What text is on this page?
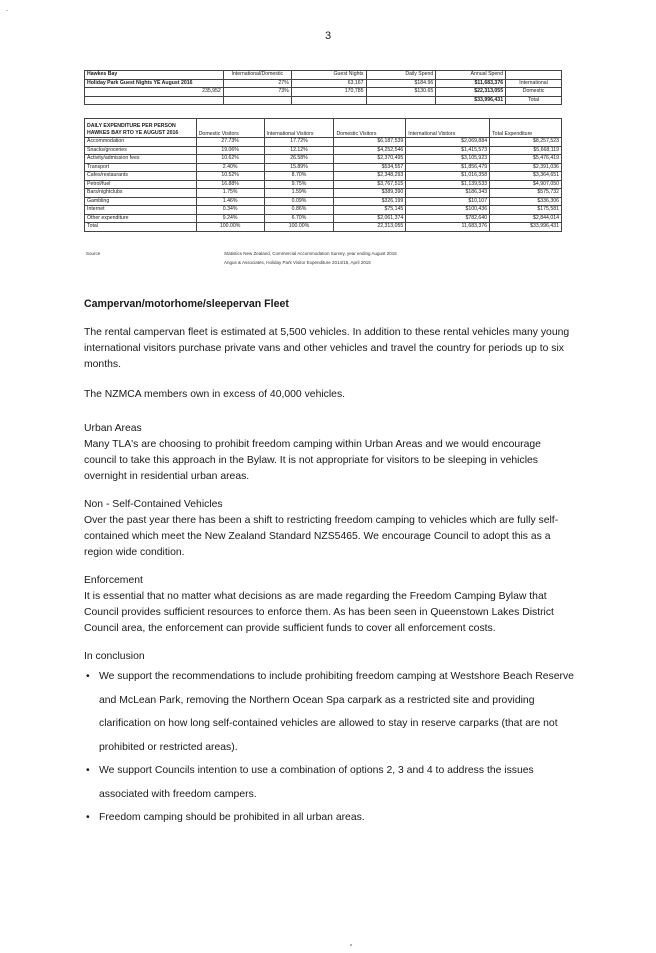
.
3
Hawkes Bay	International/Domestic	Guest Nights	Daily Spend	Annual Spend	
Holiday Park Guest Nights YE August 2016	27%	63,167	$184.96	$11,683,376	International
235,952	73%	170,785	$130.65	$22,313,055	Domestic
				$33,996,431	Total
DAILY EXPENDITURE PER PERSON HAWKES BAY RTO YE AUGUST 2016	Domestic Visitors	International Visitors	Domestic Visitors	International Visitors	Total Expenditure
Accommodation	27.73%	17.72%	$6,187,539	$2,069,884	$8,257,523
Snacks/groceries	19.06%	12.12%	$4,252,546	$1,415,573	$5,668,119
Activity/admission fees	10.62%	26.58%	$2,370,495	$3,105,923	$5,476,419
Transport	2.40%	15.89%	$534,557	$1,856,479	$2,391,036
Cafes/restaurants	10.52%	8.70%	$2,348,293	$1,016,358	$3,364,651
Petrol/fuel	16.88%	9.75%	$3,767,515	$1,139,533	$4,907,050
Bars/nightclubs	1.75%	1.59%	$389,390	$186,343	$575,732
Gambling	1.46%	0.09%	$326,199	$10,107	$336,306
Internet	0.34%	0.86%	$75,145	$100,436	$175,581
Other expenditure	9.24%	6.70%	$2,061,374	$782,640	$2,844,014
Total	100.00%	100.00%	22,313,055	11,683,376	$33,996,431
Source	Statistics New Zealand, Commercial Accommodation Survey, year ending August 2016
Angus & Associates, Holiday Park Visitor Expenditure 2014/15, April 2015
Campervan/motorhome/sleepervan Fleet

The rental campervan fleet is estimated at 5,500 vehicles. In addition to these rental vehicles many young international visitors purchase private vans and other vehicles and travel the country for periods up to six months.

The NZMCA members own in excess of 40,000 vehicles.

Urban Areas
Many TLA's are choosing to prohibit freedom camping within Urban Areas and we would encourage council to take this approach in the Bylaw. It is not appropriate for visitors to be sleeping in vehicles overnight in residential urban areas.
Non - Self-Contained Vehicles
Over the past year there has been a shift to restricting freedom camping to vehicles which are fully self-contained which meet the New Zealand Standard NZS5465. We encourage Council to adopt this as a region wide condition.
Enforcement
It is essential that no matter what decisions as are made regarding the Freedom Camping Bylaw that Council provides sufficient resources to enforce them. As has been seen in Queenstown Lakes District Council area, the enforcement can provide sufficient funds to cover all enforcement costs.
In conclusion
• We support the recommendations to include prohibiting freedom camping at Westshore Beach Reserve and McLean Park, removing the Northern Ocean Spa carpark as a restricted site and providing clarification on how long self-contained vehicles are allowed to stay in reserve carparks (that are not prohibited or restricted areas).
• We support Councils intention to use a combination of options 2, 3 and 4 to address the issues associated with freedom campers.
• Freedom camping should be prohibited in all urban areas.
